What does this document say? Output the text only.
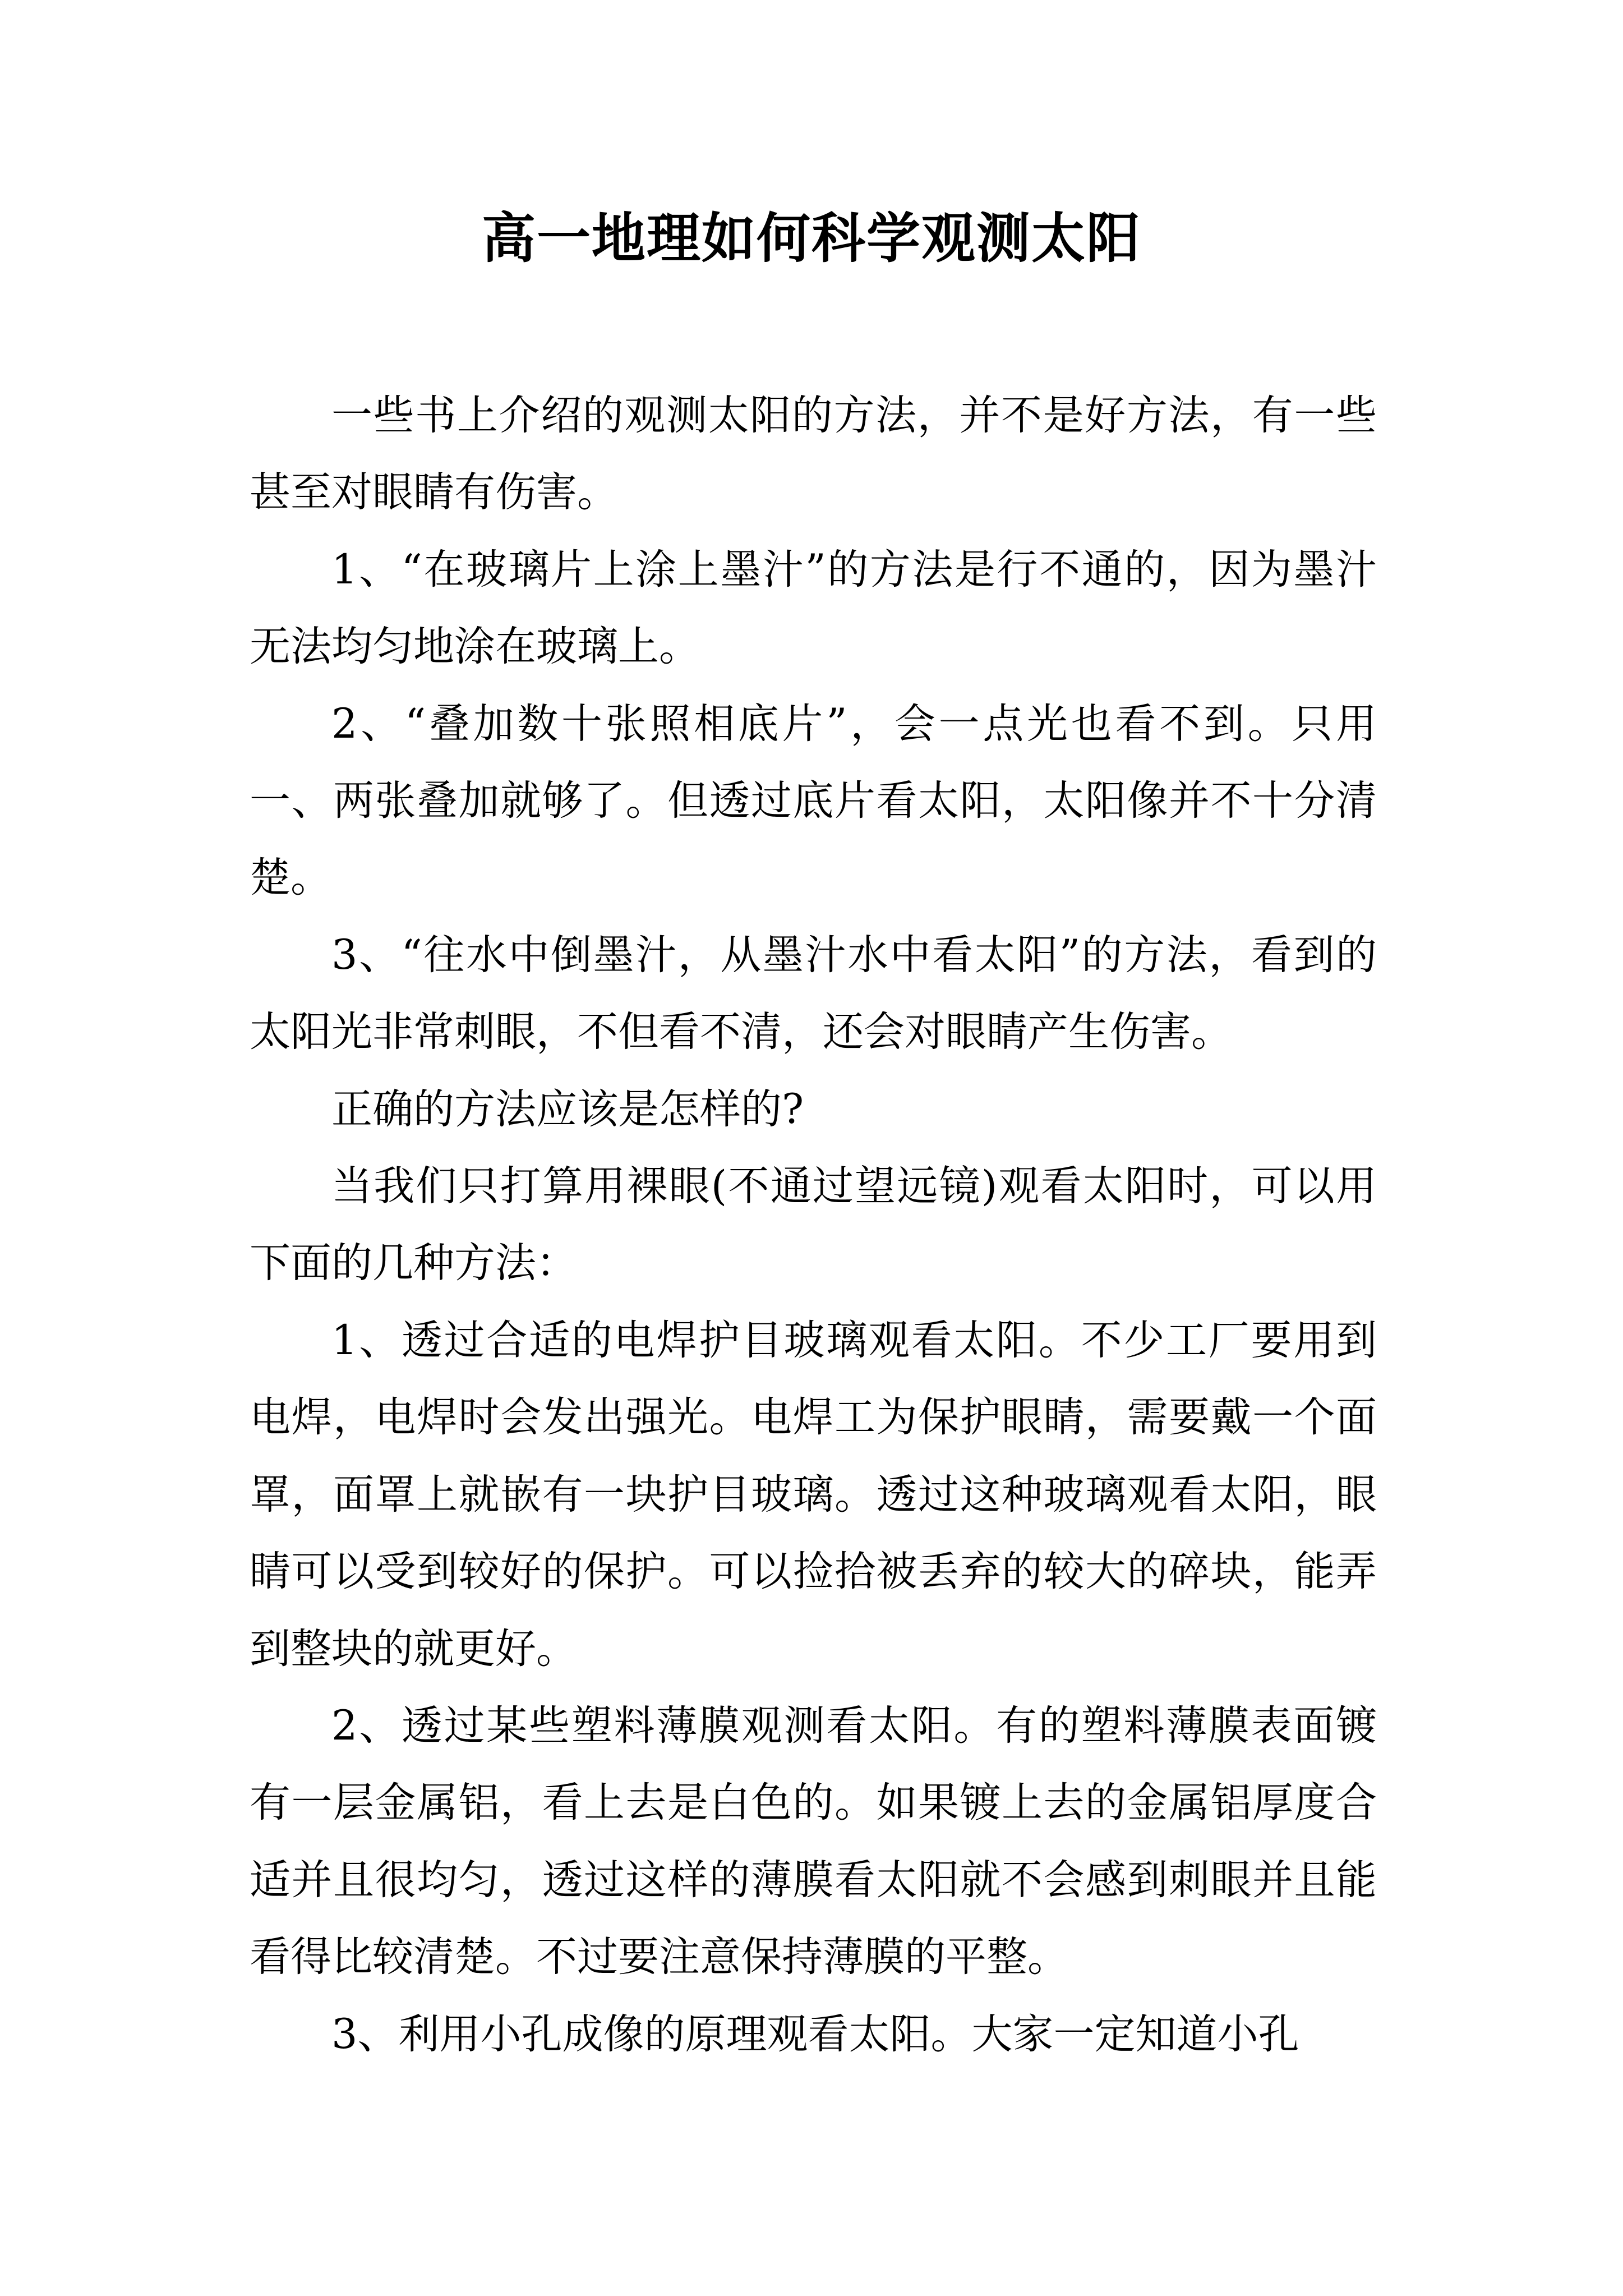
高一地理如何科学观测太阳

一些书上介绍的观测太阳的方法，并不是好方法，有一些甚至对眼睛有伤害。

1、“在玻璃片上涂上墨汁”的方法是行不通的，因为墨汁无法均匀地涂在玻璃上。

2、“叠加数十张照相底片”，会一点光也看不到。只用一、两张叠加就够了。但透过底片看太阳，太阳像并不十分清楚。

3、“往水中倒墨汁，从墨汁水中看太阳”的方法，看到的太阳光非常刺眼，不但看不清，还会对眼睛产生伤害。

正确的方法应该是怎样的?

当我们只打算用裸眼(不通过望远镜)观看太阳时，可以用下面的几种方法：

1、透过合适的电焊护目玻璃观看太阳。不少工厂要用到电焊，电焊时会发出强光。电焊工为保护眼睛，需要戴一个面罩，面罩上就嵌有一块护目玻璃。透过这种玻璃观看太阳，眼睛可以受到较好的保护。可以捡拾被丢弃的较大的碎块，能弄到整块的就更好。

2、透过某些塑料薄膜观测看太阳。有的塑料薄膜表面镀有一层金属铝，看上去是白色的。如果镀上去的金属铝厚度合适并且很均匀，透过这样的薄膜看太阳就不会感到刺眼并且能看得比较清楚。不过要注意保持薄膜的平整。

3、利用小孔成像的原理观看太阳。大家一定知道小孔
